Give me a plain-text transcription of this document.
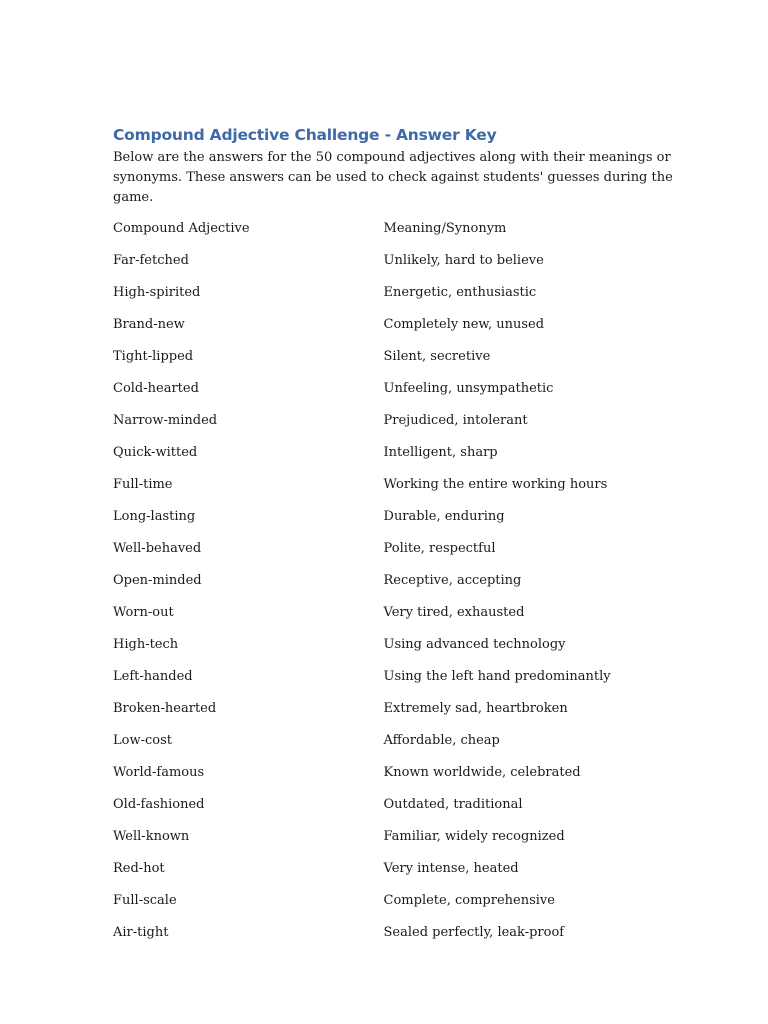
Compound Adjective Challenge - Answer Key
Below are the answers for the 50 compound adjectives along with their meanings or
synonyms. These answers can be used to check against students' guesses during the game.
Compound Adjective	Meaning/Synonym
Far-fetched	Unlikely, hard to believe
High-spirited	Energetic, enthusiastic
Brand-new	Completely new, unused
Tight-lipped	Silent, secretive
Cold-hearted	Unfeeling, unsympathetic
Narrow-minded	Prejudiced, intolerant
Quick-witted	Intelligent, sharp
Full-time	Working the entire working hours
Long-lasting	Durable, enduring
Well-behaved	Polite, respectful
Open-minded	Receptive, accepting
Worn-out	Very tired, exhausted
High-tech	Using advanced technology
Left-handed	Using the left hand predominantly
Broken-hearted	Extremely sad, heartbroken
Low-cost	Affordable, cheap
World-famous	Known worldwide, celebrated
Old-fashioned	Outdated, traditional
Well-known	Familiar, widely recognized
Red-hot	Very intense, heated
Full-scale	Complete, comprehensive
Air-tight	Sealed perfectly, leak-proof
